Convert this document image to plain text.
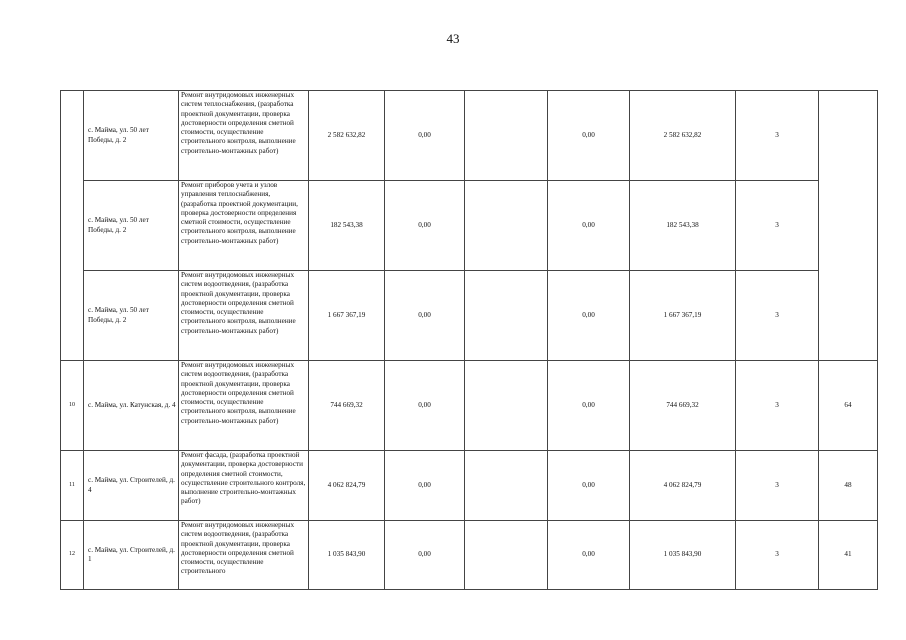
43
	с. Майма, ул. 50 лет Победы, д. 2	Ремонт внутридомовых инженерных систем теплоснабжения, (разработка проектной документации, проверка достоверности определения сметной стоимости, осуществление строительного контроля, выполнение строительно-монтажных работ)	2 582 632,82	0,00		0,00	2 582 632,82	3	
	с. Майма, ул. 50 лет Победы, д. 2	Ремонт приборов учета и узлов управления теплоснабжения, (разработка проектной документации, проверка достоверности определения сметной стоимости, осуществление строительного контроля, выполнение строительно-монтажных работ)	182 543,38	0,00		0,00	182 543,38	3	
	с. Майма, ул. 50 лет Победы, д. 2	Ремонт внутридомовых инженерных систем водоотведения, (разработка проектной документации, проверка достоверности определения сметной стоимости, осуществление строительного контроля, выполнение строительно-монтажных работ)	1 667 367,19	0,00		0,00	1 667 367,19	3	
10	с. Майма, ул. Катунская, д. 4	Ремонт внутридомовых инженерных систем водоотведения, (разработка проектной документации, проверка достоверности определения сметной стоимости, осуществление строительного контроля, выполнение строительно-монтажных работ)	744 669,32	0,00		0,00	744 669,32	3	64
11	с. Майма, ул. Строителей, д. 4	Ремонт фасада, (разработка проектной документации, проверка достоверности определения сметной стоимости, осуществление строительного контроля, выполнение строительно-монтажных работ)	4 062 824,79	0,00		0,00	4 062 824,79	3	48
12	с. Майма, ул. Строителей, д. 1	Ремонт внутридомовых инженерных систем водоотведения, (разработка проектной документации, проверка достоверности определения сметной стоимости, осуществление строительного	1 035 843,90	0,00		0,00	1 035 843,90	3	41
